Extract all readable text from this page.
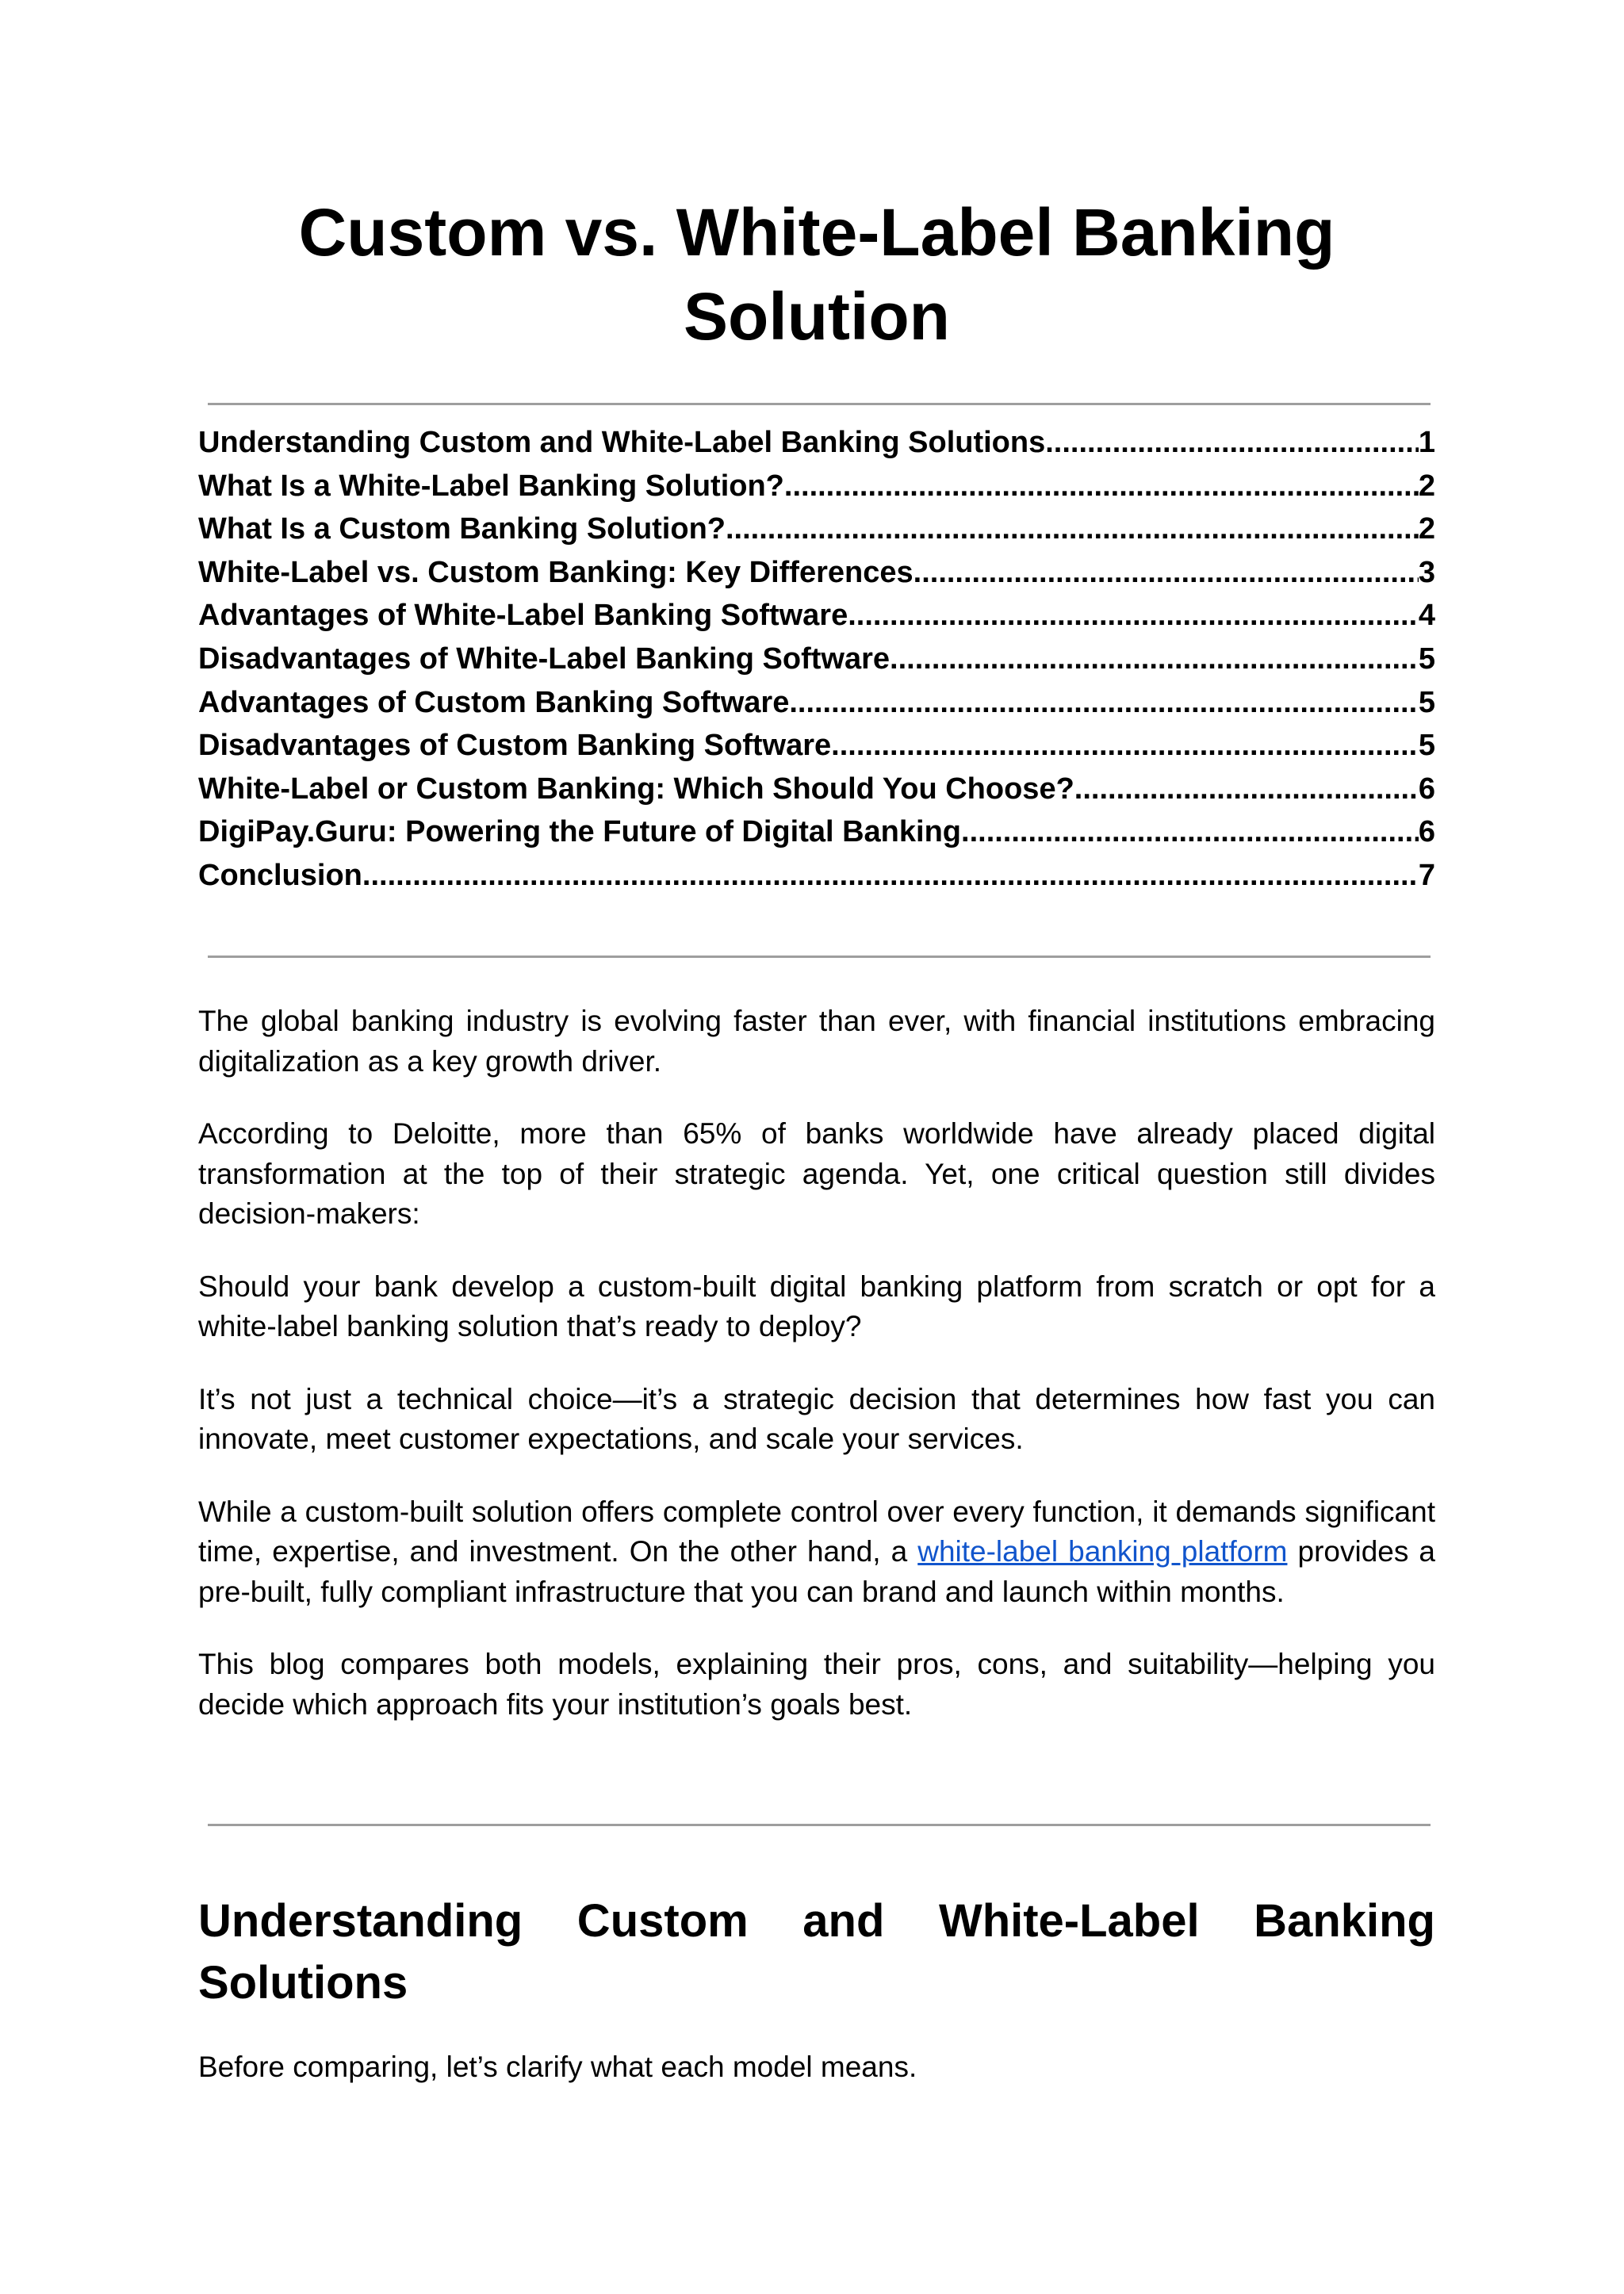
Custom vs. White-Label Banking Solution
Understanding Custom and White-Label Banking Solutions .....	1
What Is a White-Label Banking Solution? .....	2
What Is a Custom Banking Solution? .....	2
White-Label vs. Custom Banking: Key Differences .....	3
Advantages of White-Label Banking Software .....	4
Disadvantages of White-Label Banking Software .....	5
Advantages of Custom Banking Software .....	5
Disadvantages of Custom Banking Software .....	5
White-Label or Custom Banking: Which Should You Choose? .....	6
DigiPay.Guru: Powering the Future of Digital Banking .....	6
Conclusion .....	7

The global banking industry is evolving faster than ever, with financial institutions embracing digitalization as a key growth driver.

According to Deloitte, more than 65% of banks worldwide have already placed digital transformation at the top of their strategic agenda. Yet, one critical question still divides decision-makers:

Should your bank develop a custom-built digital banking platform from scratch or opt for a white-label banking solution that’s ready to deploy?

It’s not just a technical choice—it’s a strategic decision that determines how fast you can innovate, meet customer expectations, and scale your services.

While a custom-built solution offers complete control over every function, it demands significant time, expertise, and investment. On the other hand, a white-label banking platform provides a pre-built, fully compliant infrastructure that you can brand and launch within months.

This blog compares both models, explaining their pros, cons, and suitability—helping you decide which approach fits your institution’s goals best.

Understanding Custom and White-Label Banking Solutions

Before comparing, let’s clarify what each model means.
